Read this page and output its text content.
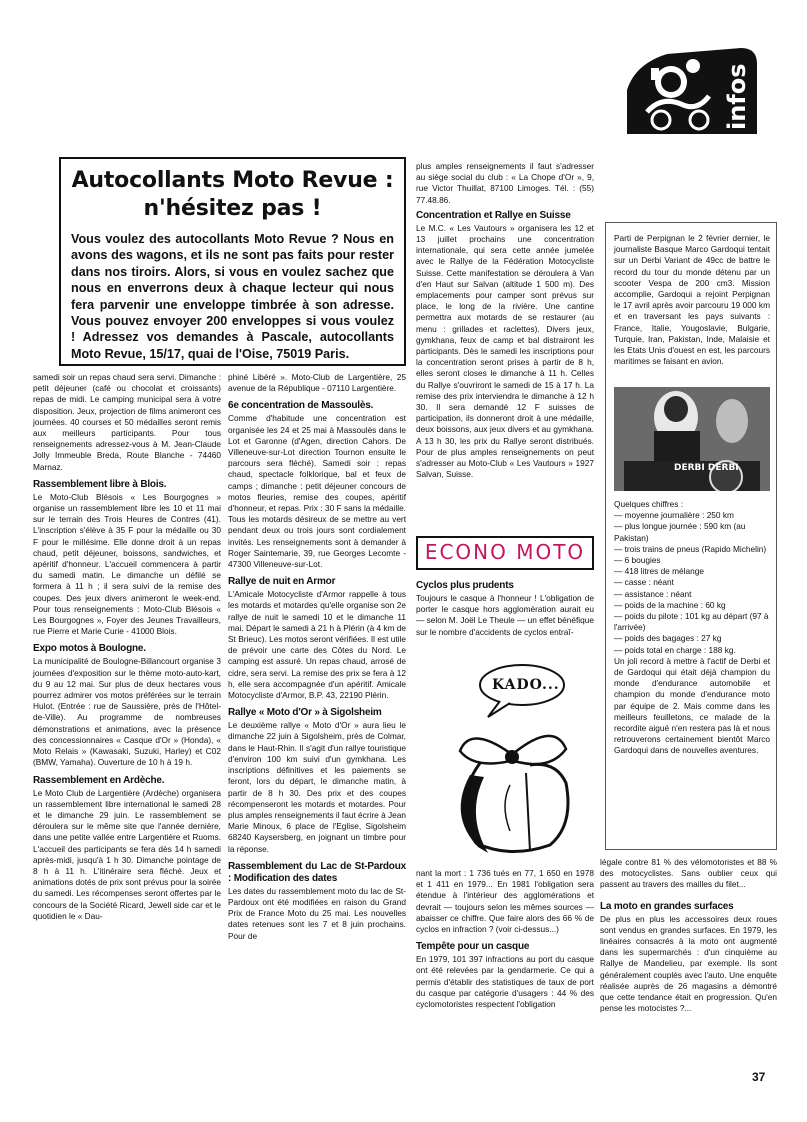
infos
Autocollants Moto Revue :
n'hésitez pas !
Vous voulez des autocollants Moto Revue ? Nous en avons des wagons, et ils ne sont pas faits pour rester dans nos tiroirs. Alors, si vous en voulez sachez que nous en enverrons deux à chaque lecteur qui nous fera parvenir une enveloppe timbrée à son adresse. Vous pouvez envoyer 200 enveloppes si vous voulez ! Adressez vos demandes à Pascale, autocollants Moto Revue, 15/17, quai de l'Oise, 75019 Paris.

samedi soir un repas chaud sera servi. Dimanche : petit déjeuner (café ou chocolat et croissants) repas de midi. Le camping municipal sera à votre disposition. Jeux, projection de films animeront ces journées. 40 courses et 50 médailles seront remis aux meilleurs participants. Pour tous renseignements adressez-vous à M. Jean-Claude Jolly Immeuble Breda, Route Blanche - 74460 Marnaz.

Rassemblement libre à Blois.

Le Moto-Club Blésois « Les Bourgognes » organise un rassemblement libre les 10 et 11 mai sur le terrain des Trois Heures de Contres (41). L'inscription s'élève à 35 F pour la médaille ou 30 F pour le millésime. Elle donne droit à un repas chaud, petit déjeuner, boissons, sandwiches, et apéritif d'honneur. L'accueil commencera à partir du samedi matin. Le dimanche un défilé se formera à 11 h ; il sera suivi de la remise des coupes. Des jeux divers animeront le week-end. Pour tous renseignements : Moto-Club Blésois « Les Bourgognes », Foyer des Jeunes Travailleurs, rue Pierre et Marie Curie - 41000 Blois.

Expo motos à Boulogne.

La municipalité de Boulogne-Billancourt organise 3 journées d'exposition sur le thème moto-auto-kart, du 9 au 12 mai. Sur plus de deux hectares vous pourrez admirer vos motos préférées sur le terrain Hulot. (Entrée : rue de Saussière, près de l'Hôtel-de-Ville). Au programme de nombreuses démonstrations et animations, avec la présence des concessionnaires « Casque d'Or » (Honda), « Moto Relais » (Kawasaki, Suzuki, Harley) et C02 (BMW, Yamaha). Ouverture de 10 h à 19 h.

Rassemblement en Ardèche.

Le Moto Club de Largentière (Ardèche) organisera un rassemblement libre international le samedi 28 et le dimanche 29 juin. Le rassemblement se déroulera sur le même site que l'année dernière, dans une petite vallée entre Largentière et Ruoms. L'accueil des participants se fera dès 14 h samedi après-midi, jusqu'à 1 h 30. Dimanche pointage de 8 h à 11 h. L'itinéraire sera fléché. Jeux et animations dotés de prix sont prévus pour la soirée du samedi. Les récompenses seront offertes par le concours de la Société Ricard, Jewell side car et le quotidien le « Dau-

phiné Libéré ». Moto-Club de Largentière, 25 avenue de la République - 07110 Largentière.

6e concentration de Massoulès.

Comme d'habitude une concentration est organisée les 24 et 25 mai à Massoulès dans le Lot et Garonne (d'Agen, direction Cahors. De Villeneuve-sur-Lot direction Tournon ensuite le parcours sera fléché). Samedi soir : repas chaud, spectacle folklorique, bal et feux de camps ; dimanche : petit déjeuner concours de motos fleuries, remise des coupes, apéritif d'honneur, et repas. Prix : 30 F sans la médaille. Tous les motards désireux de se mettre au vert pendant deux ou trois jours sont cordialement invités. Les renseignements sont à demander à Roger Saintemarie, 39, rue Georges Lecomte - 47300 Villeneuve-sur-Lot.

Rallye de nuit en Armor

L'Amicale Motocycliste d'Armor rappelle à tous les motards et motardes qu'elle organise son 2e rallye de nuit le samedi 10 et le dimanche 11 mai. Départ le samedi à 21 h à Plérin (à 4 km de St Brieuc). Les motos seront vérifiées. Il est utile de prévoir une carte des Côtes du Nord. Le camping est assuré. Un repas chaud, arrosé de cidre, sera servi. La remise des prix se fera à 12 h, elle sera accompagnée d'un apéritif. Amicale Motocycliste d'Armor, B.P. 43, 22190 Plérin.

Rallye « Moto d'Or » à Sigolsheim

Le deuxième rallye « Moto d'Or » aura lieu le dimanche 22 juin à Sigolsheim, près de Colmar, dans le Haut-Rhin. Il s'agit d'un rallye touristique d'environ 100 km suivi d'un gymkhana. Les inscriptions définitives et les paiements se feront, lors du départ, le dimanche matin, à partir de 8 h 30. Des prix et des coupes récompenseront les motards et motardes. Pour plus amples renseignements il faut écrire à Jean Marie Minoux, 6 place de l'Eglise, Sigolsheim 68240 Kaysersberg, en joignant un timbre pour la réponse.

Rassemblement du Lac de St-Pardoux : Modification des dates

Les dates du rassemblement moto du lac de St-Pardoux ont été modifiées en raison du Grand Prix de France Moto du 25 mai. Les nouvelles dates retenues sont les 7 et 8 juin prochains. Pour de

plus amples renseignements il faut s'adresser au siège social du club : « La Chope d'Or », 9, rue Victor Thuillat, 87100 Limoges. Tél. : (55) 77.48.86.

Concentration et Rallye en Suisse

Le M.C. « Les Vautours » organisera les 12 et 13 juillet prochains une concentration internationale, qui sera cette année jumelée avec le Rallye de la Fédération Motocycliste Suisse. Cette manifestation se déroulera à Van d'en Haut sur Salvan (altitude 1 500 m). Des emplacements pour camper sont prévus sur place, le long de la rivière. Une cantine permettra aux motards de se restaurer (au menu : grillades et raclettes). Divers jeux, gymkhana, feux de camp et bal distrairont les participants. Dès le samedi les inscriptions pour la concentration seront prises à partir de 8 h, elles seront closes le dimanche à 11 h. Celles du Rallye s'ouvriront le samedi de 15 à 17 h. La remise des prix interviendra le dimanche à 12 h 30. Il sera demandé 12 F suisses de participation, ils donneront droit à une médaille, deux boissons, aux jeux divers et au gymkhana. A 13 h 30, les prix du Rallye seront distribués. Pour de plus amples renseignements on peut s'adresser au Moto-Club « Les Vautours » 1927 Salvan, Suisse.

ECONO MOTO
Cyclos plus prudents

Toujours le casque à l'honneur ! L'obligation de porter le casque hors agglomération aurait eu — selon M. Joël Le Theule — un effet bénéfique sur le nombre d'accidents de cyclos entraî-

KADO...

nant la mort : 1 736 tués en 77, 1 650 en 1978 et 1 411 en 1979... En 1981 l'obligation sera étendue à l'intérieur des agglomérations et devrait — toujours selon les mêmes sources — abaisser ce chiffre. Que faire alors des 66 % de cyclos en infraction ? (voir ci-dessus...)

Tempête pour un casque

En 1979, 101 397 infractions au port du casque ont été relevées par la gendarmerie. Ce qui a permis d'établir des statistiques de taux de port du casque par catégorie d'usagers : 44 % des cyclomotoristes respectent l'obligation

Parti de Perpignan le 2 février dernier, le journaliste Basque Marco Gardoqui tentait sur un Derbi Variant de 49cc de battre le record du tour du monde détenu par un scooter Vespa de 200 cm3. Mission accomplie, Gardoqui a rejoint Perpignan le 17 avril après avoir parcouru 19 000 km et en traversant les pays suivants : France, Italie, Yougoslavie, Bulgarie, Turquie, Iran, Pakistan, Inde, Malaisie et les Etats Unis d'ouest en est, les parcours maritimes se faisant en avion.
DERBI DERBI

Quelques chiffres :

— moyenne journalière : 250 km

— plus longue journée : 590 km (au Pakistan)

— trois trains de pneus (Rapido Michelin)

— 6 bougies

— 418 litres de mélange

— casse : néant

— assistance : néant

— poids de la machine : 60 kg

— poids du pilote : 101 kg au départ (97 à l'arrivée)

— poids des bagages : 27 kg

— poids total en charge : 188 kg.

Un joli record à mettre à l'actif de Derbi et de Gardoqui qui était déjà champion du monde d'endurance automobile et champion du monde d'endurance moto par équipe de 2. Mais comme dans les meilleurs feuilletons, ce malade de la recordite aiguë n'en restera pas là et nous retrouverons certainement bientôt Marco Gardoqui dans de nouvelles aventures.

légale contre 81 % des vélomotoristes et 88 % des motocyclistes. Sans oublier ceux qui passent au travers des mailles du filet...

La moto en grandes surfaces

De plus en plus les accessoires deux roues sont vendus en grandes surfaces. En 1979, les linéaires consacrés à la moto ont augmenté dans les supermarchés : d'un cinquième au Rallye de Mandelieu, par exemple. Ils sont généralement couplés avec l'auto. Une enquête réalisée auprès de 26 magasins a démontré que cette tendance était en progression. Qu'en pense les motocistes ?...

37
